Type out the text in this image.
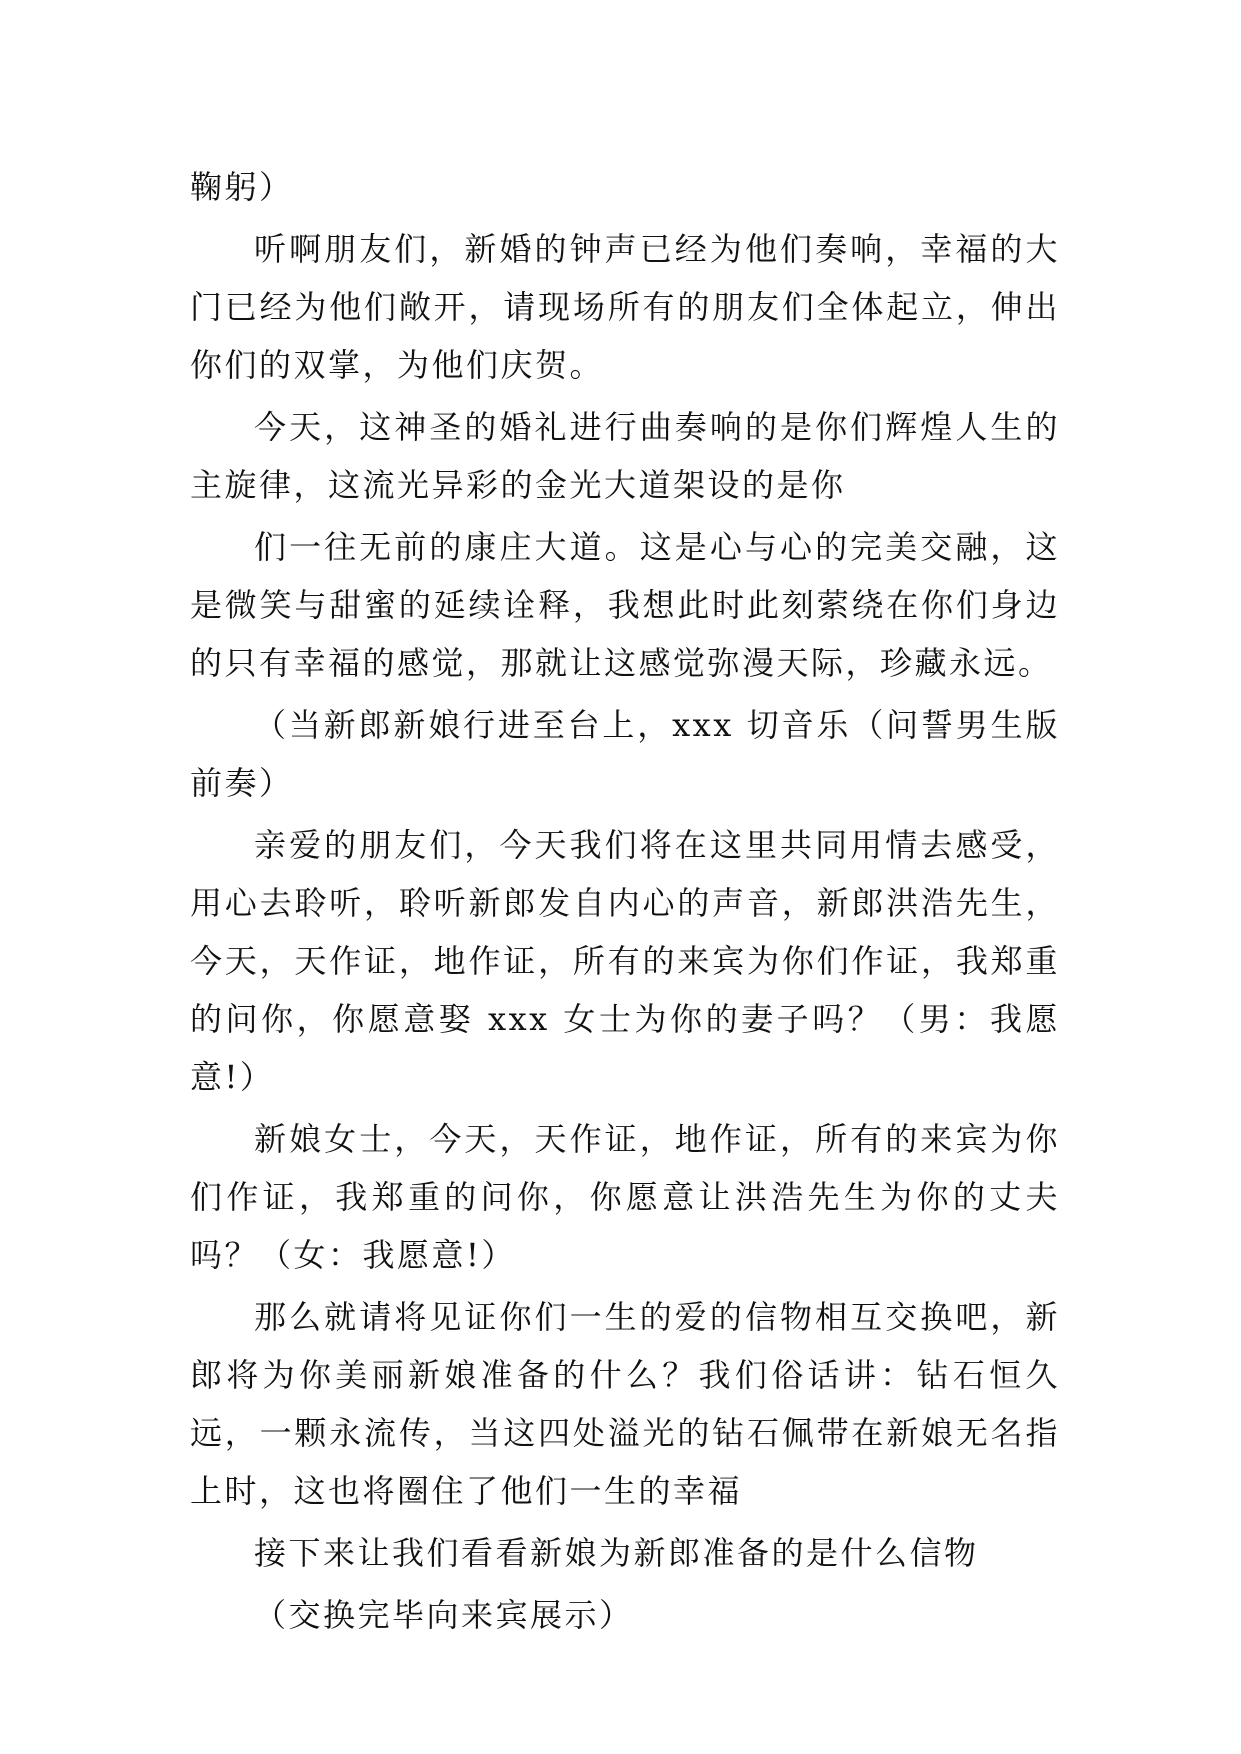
鞠躬）

听啊朋友们，新婚的钟声已经为他们奏响，幸福的大门已经为他们敞开，请现场所有的朋友们全体起立，伸出你们的双掌，为他们庆贺。

今天，这神圣的婚礼进行曲奏响的是你们辉煌人生的主旋律，这流光异彩的金光大道架设的是你

们一往无前的康庄大道。这是心与心的完美交融，这是微笑与甜蜜的延续诠释，我想此时此刻萦绕在你们身边的只有幸福的感觉，那就让这感觉弥漫天际，珍藏永远。

（当新郎新娘行进至台上，xxx 切音乐（问誓男生版前奏）

亲爱的朋友们，今天我们将在这里共同用情去感受，用心去聆听，聆听新郎发自内心的声音，新郎洪浩先生，今天，天作证，地作证，所有的来宾为你们作证，我郑重的问你，你愿意娶 xxx 女士为你的妻子吗？（男：我愿意!）

新娘女士，今天，天作证，地作证，所有的来宾为你们作证，我郑重的问你，你愿意让洪浩先生为你的丈夫吗？（女：我愿意!）

那么就请将见证你们一生的爱的信物相互交换吧，新郎将为你美丽新娘准备的什么？我们俗话讲：钻石恒久远，一颗永流传，当这四处溢光的钻石佩带在新娘无名指上时，这也将圈住了他们一生的幸福

接下来让我们看看新娘为新郎准备的是什么信物

（交换完毕向来宾展示）
